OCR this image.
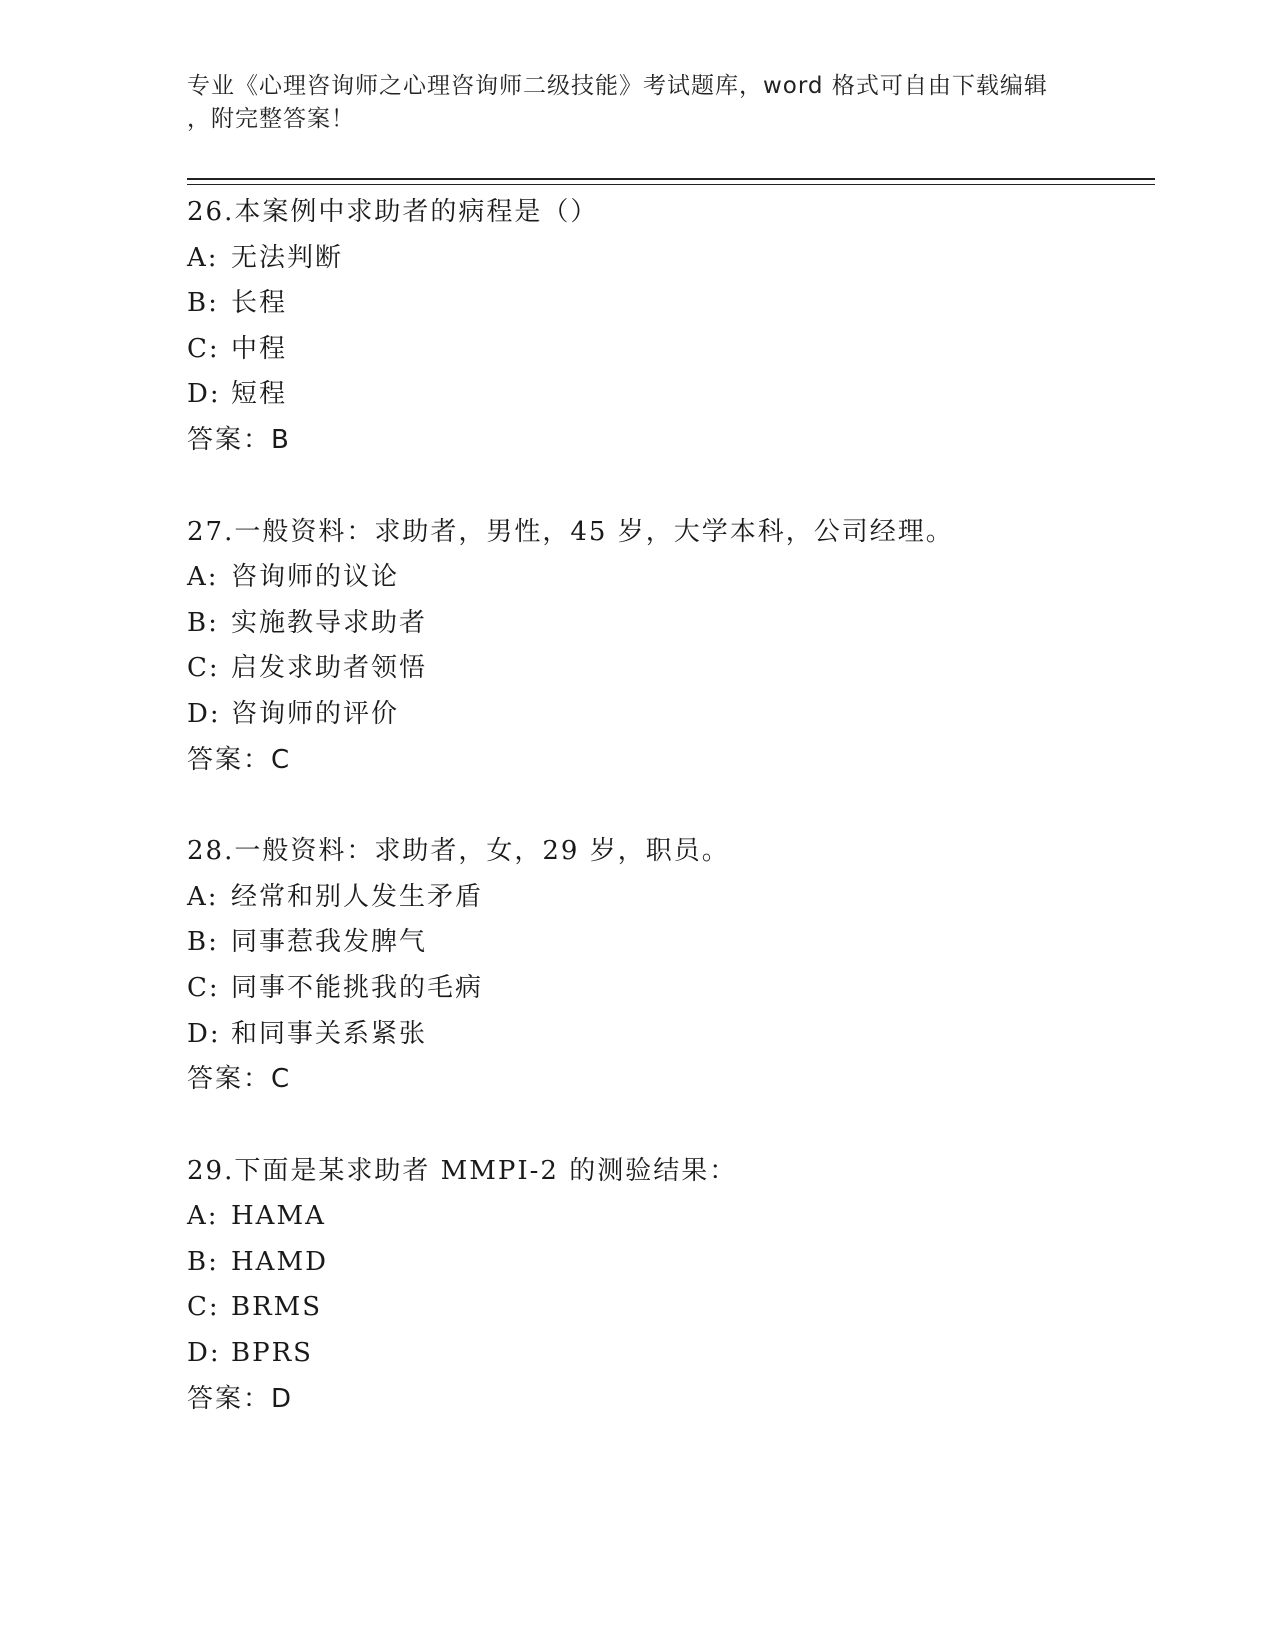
专业《心理咨询师之心理咨询师二级技能》考试题库，word 格式可自由下载编辑
，附完整答案！
26.本案例中求助者的病程是（）
A: 无法判断
B: 长程
C: 中程
D: 短程
答案：B
27.一般资料：求助者，男性，45 岁，大学本科，公司经理。
A: 咨询师的议论
B: 实施教导求助者
C: 启发求助者领悟
D: 咨询师的评价
答案：C
28.一般资料：求助者，女，29 岁，职员。
A: 经常和别人发生矛盾
B: 同事惹我发脾气
C: 同事不能挑我的毛病
D: 和同事关系紧张
答案：C
29.下面是某求助者 MMPI-2 的测验结果：
A: HAMA
B: HAMD
C: BRMS
D: BPRS
答案：D
